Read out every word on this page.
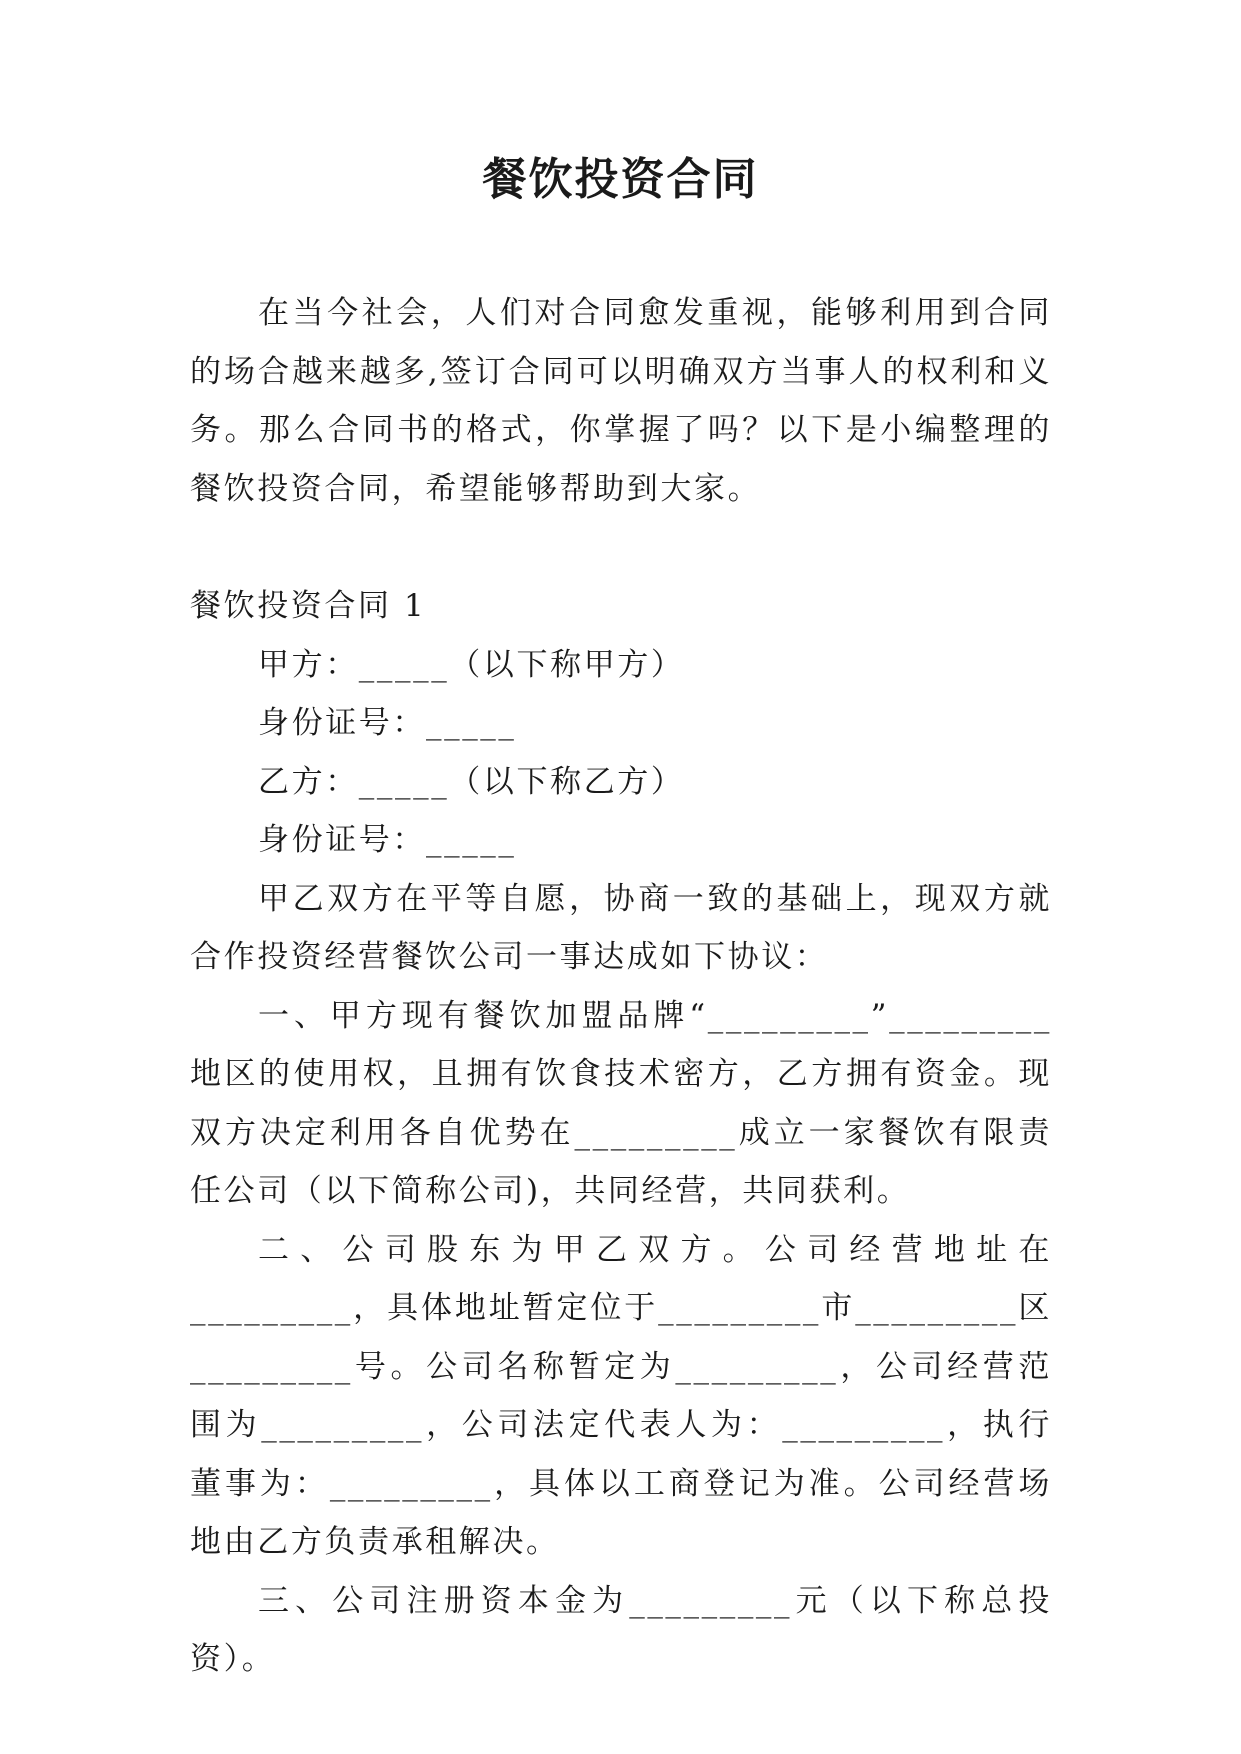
餐饮投资合同

在当今社会，人们对合同愈发重视，能够利用到合同的场合越来越多,签订合同可以明确双方当事人的权利和义务。那么合同书的格式，你掌握了吗？以下是小编整理的餐饮投资合同，希望能够帮助到大家。

餐饮投资合同 1

甲方：_____（以下称甲方）

身份证号：_____

乙方：_____（以下称乙方）

身份证号：_____

甲乙双方在平等自愿，协商一致的基础上，现双方就合作投资经营餐饮公司一事达成如下协议：

一、甲方现有餐饮加盟品牌“_________”_________地区的使用权，且拥有饮食技术密方，乙方拥有资金。现双方决定利用各自优势在_________成立一家餐饮有限责任公司（以下简称公司)，共同经营，共同获利。

二、公司股东为甲乙双方。公司经营地址在_________，具体地址暂定位于_________市_________区_________号。公司名称暂定为_________，公司经营范围为_________，公司法定代表人为：_________，执行董事为：_________，具体以工商登记为准。公司经营场地由乙方负责承租解决。

三、公司注册资本金为_________元（以下称总投资）。
